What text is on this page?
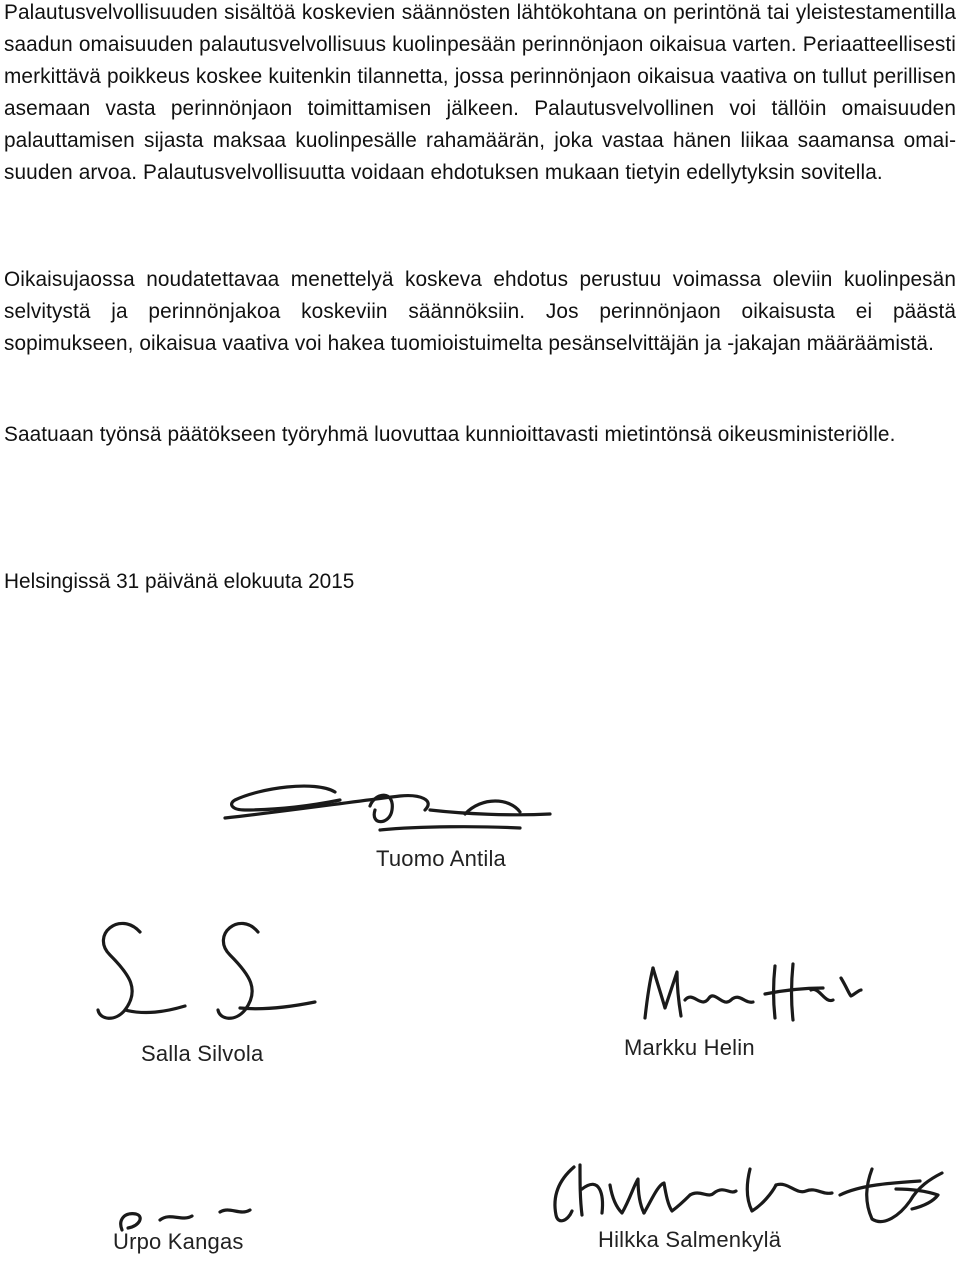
Palautusvelvollisuuden sisältöä koskevien säännösten lähtökohtana on perintönä tai yleistestamentilla saadun omaisuuden palautusvelvollisuus kuolinpesään perinnönjaon oikaisua varten. Periaatteellisesti merkittävä poikkeus koskee kuitenkin tilannetta, jossa perinnönjaon oikaisua vaativa on tullut perillisen asemaan vasta perinnönjaon toimittamisen jälkeen. Palautusvelvollinen voi tällöin omaisuuden palauttamisen sijasta maksaa kuolinpesälle rahamäärän, joka vastaa hänen liikaa saamansa omaisuuden arvoa. Palautusvelvollisuutta voidaan ehdotuksen mukaan tietyin edellytyksin sovitella.

Oikaisujaossa noudatettavaa menettelyä koskeva ehdotus perustuu voimassa oleviin kuolinpesän selvitystä ja perinnönjakoa koskeviin säännöksiin. Jos perinnönjaon oikaisusta ei päästä sopimukseen, oikaisua vaativa voi hakea tuomioistuimelta pesänselvittäjän ja -jakajan määräämistä.

Saatuaan työnsä päätökseen työryhmä luovuttaa kunnioittavasti mietintönsä oikeusministeriölle.

Helsingissä 31 päivänä elokuuta 2015

Tuomo Antila
Salla Silvola	Markku Helin
Urpo Kangas	Hilkka Salmenkylä
